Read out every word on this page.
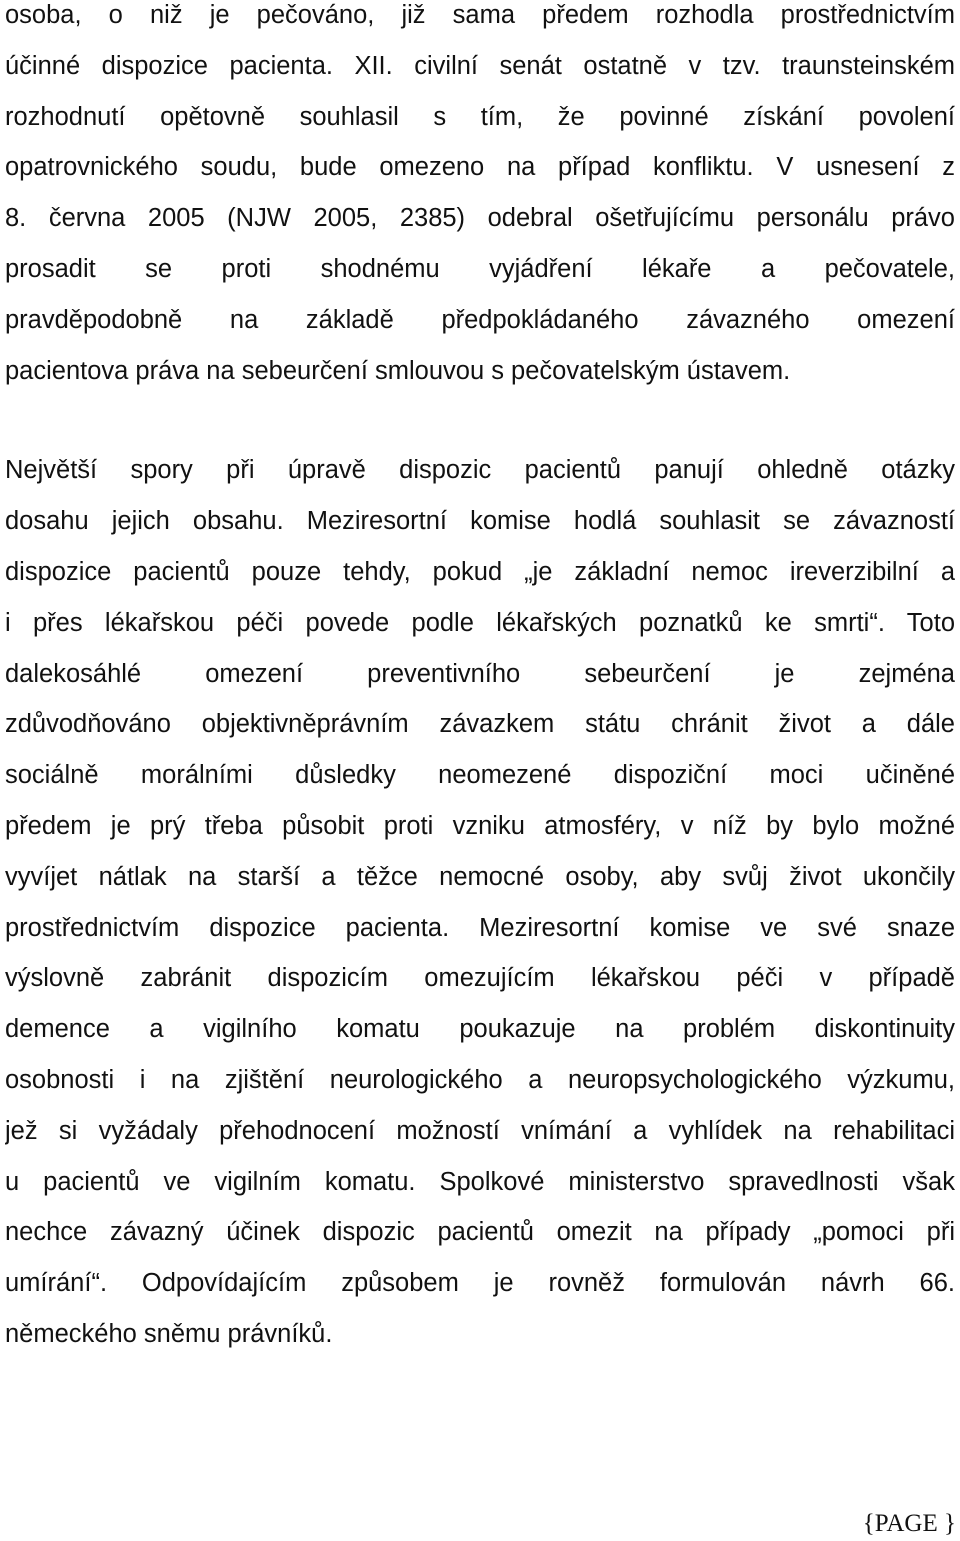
osoba, o niž je pečováno, již sama předem rozhodla prostřednictvím
účinné dispozice pacienta. XII. civilní senát ostatně v tzv. traunsteinském
rozhodnutí opětovně souhlasil s tím, že povinné získání povolení
opatrovnického soudu, bude omezeno na případ konfliktu. V usnesení z
8. června 2005 (NJW 2005, 2385) odebral ošetřujícímu personálu právo
prosadit se proti shodnému vyjádření lékaře a pečovatele,
pravděpodobně na základě předpokládaného závazného omezení
pacientova práva na sebeurčení smlouvou s pečovatelským ústavem.

Největší spory při úpravě dispozic pacientů panují ohledně otázky
dosahu jejich obsahu. Meziresortní komise hodlá souhlasit se závazností
dispozice pacientů pouze tehdy, pokud „je základní nemoc ireverzibilní a
i přes lékařskou péči povede podle lékařských poznatků ke smrti“. Toto
dalekosáhlé omezení preventivního sebeurčení je zejména
zdůvodňováno objektivněprávním závazkem státu chránit život a dále
sociálně morálními důsledky neomezené dispoziční moci učiněné
předem je prý třeba působit proti vzniku atmosféry, v níž by bylo možné
vyvíjet nátlak na starší a těžce nemocné osoby, aby svůj život ukončily
prostřednictvím dispozice pacienta. Meziresortní komise ve své snaze
výslovně zabránit dispozicím omezujícím lékařskou péči v případě
demence a vigilního komatu poukazuje na problém diskontinuity
osobnosti i na zjištění neurologického a neuropsychologického výzkumu,
jež si vyžádaly přehodnocení možností vnímání a vyhlídek na rehabilitaci
u pacientů ve vigilním komatu. Spolkové ministerstvo spravedlnosti však
nechce závazný účinek dispozic pacientů omezit na případy „pomoci při
umírání“. Odpovídajícím způsobem je rovněž formulován návrh 66.
německého sněmu právníků.

{PAGE }
